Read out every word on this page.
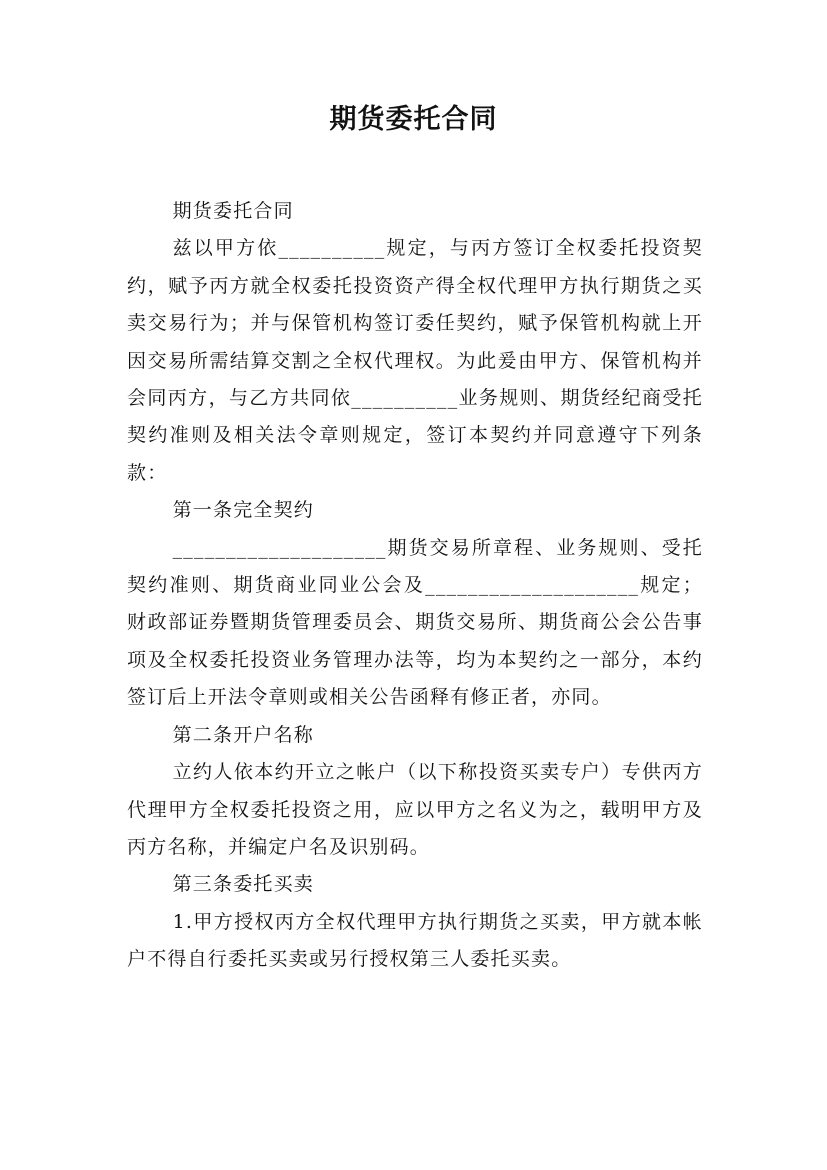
期货委托合同

期货委托合同

兹以甲方依__________规定，与丙方签订全权委托投资契约，赋予丙方就全权委托投资资产得全权代理甲方执行期货之买卖交易行为；并与保管机构签订委任契约，赋予保管机构就上开因交易所需结算交割之全权代理权。为此爰由甲方、保管机构并会同丙方，与乙方共同依__________业务规则、期货经纪商受托契约准则及相关法令章则规定，签订本契约并同意遵守下列条款：

第一条完全契约

____________________期货交易所章程、业务规则、受托契约准则、期货商业同业公会及____________________规定；财政部证券暨期货管理委员会、期货交易所、期货商公会公告事项及全权委托投资业务管理办法等，均为本契约之一部分，本约签订后上开法令章则或相关公告函释有修正者，亦同。

第二条开户名称

立约人依本约开立之帐户（以下称投资买卖专户）专供丙方代理甲方全权委托投资之用，应以甲方之名义为之，载明甲方及丙方名称，并编定户名及识别码。

第三条委托买卖

1.甲方授权丙方全权代理甲方执行期货之买卖，甲方就本帐户不得自行委托买卖或另行授权第三人委托买卖。
